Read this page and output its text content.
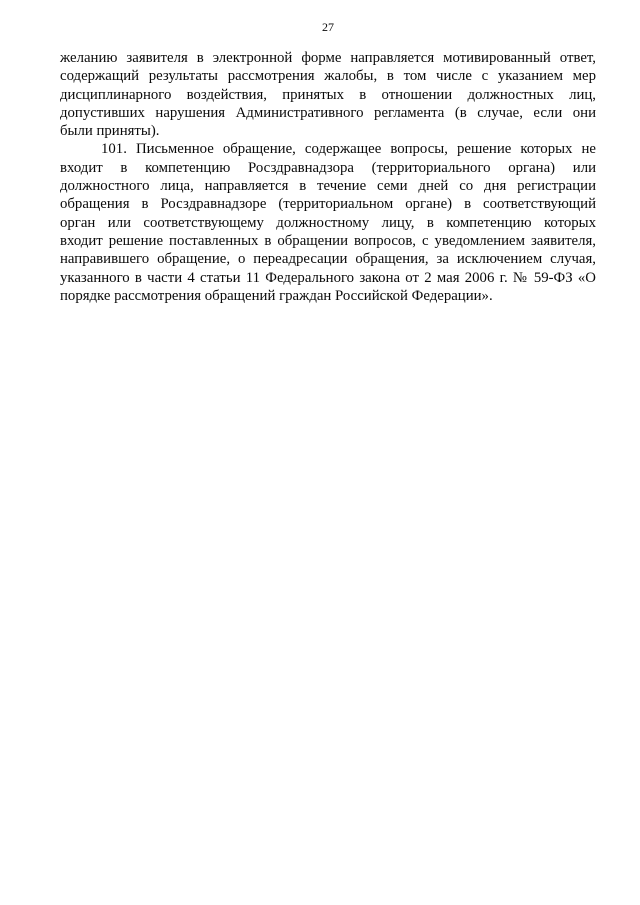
27
желанию заявителя в электронной форме направляется мотивированный ответ,
содержащий результаты рассмотрения жалобы, в том числе с указанием мер
дисциплинарного воздействия, принятых в отношении должностных лиц,
допустивших нарушения Административного регламента (в случае, если они
были приняты).
101. Письменное обращение, содержащее вопросы, решение которых не
входит в компетенцию Росздравнадзора (территориального органа) или
должностного лица, направляется в течение семи дней со дня регистрации
обращения в Росздравнадзоре (территориальном органе) в соответствующий
орган или соответствующему должностному лицу, в компетенцию которых
входит решение поставленных в обращении вопросов, с уведомлением заявителя,
направившего обращение, о переадресации обращения, за исключением случая,
указанного в части 4 статьи 11 Федерального закона от 2 мая 2006 г. № 59-ФЗ «О
порядке рассмотрения обращений граждан Российской Федерации».
